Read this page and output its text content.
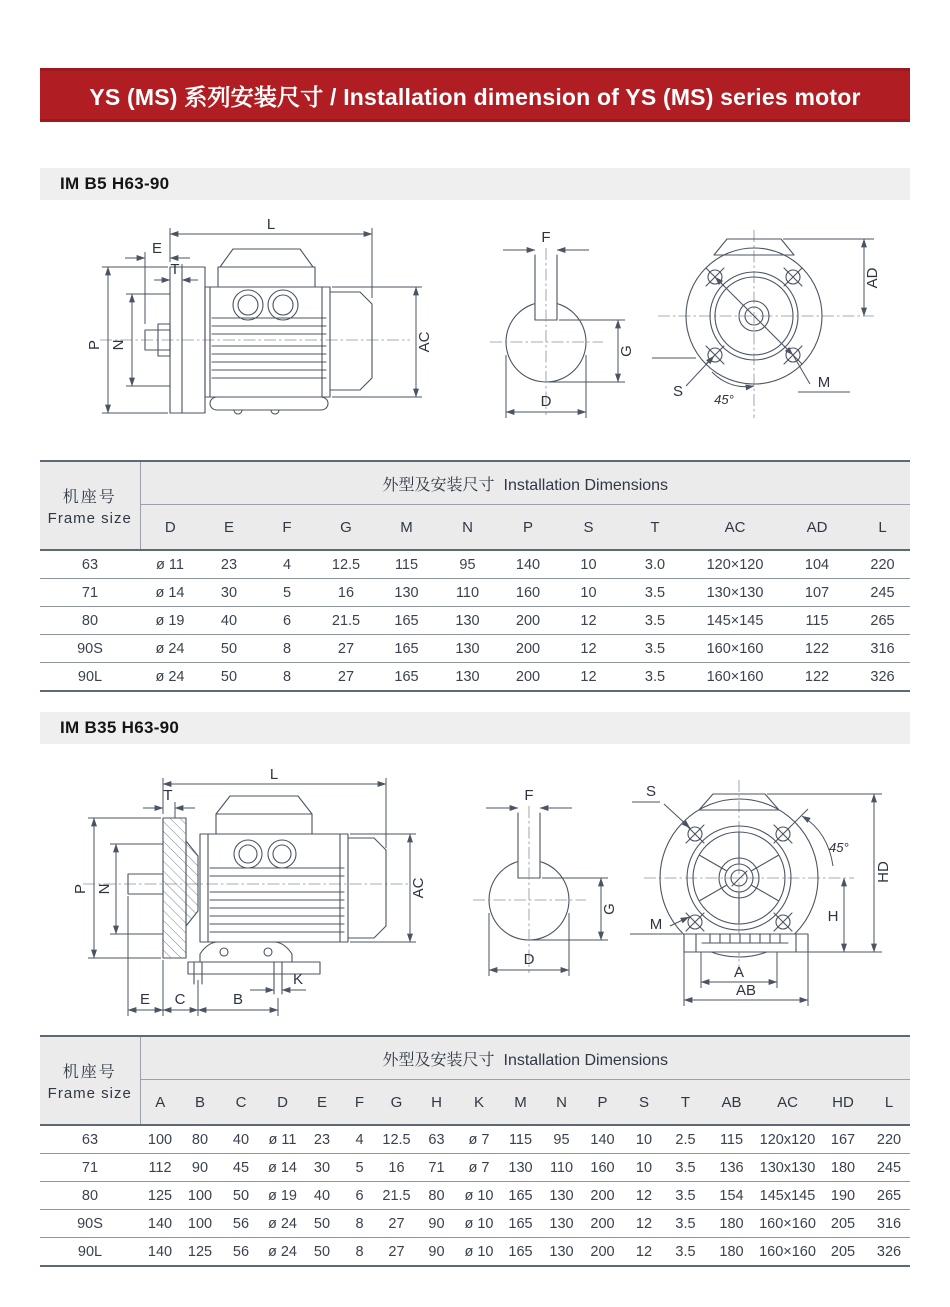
YS (MS) 系列安装尺寸 / Installation dimension of YS (MS) series motor
IM B5 H63-90
L
E
T
P N	AC
F
G
D
S
M
45°
AD
机座号
Frame size	外型及安装尺寸 Installation Dimensions											
	D	E	F	G	M	N	P	S	T	AC	AD	L
63	ø 11	23	4	12.5	115	95	140	10	3.0	120×120	104	220
71	ø 14	30	5	16	130	110	160	10	3.5	130×130	107	245
80	ø 19	40	6	21.5	165	130	200	12	3.5	145×145	115	265
90S	ø 24	50	8	27	165	130	200	12	3.5	160×160	122	316
90L	ø 24	50	8	27	165	130	200	12	3.5	160×160	122	326
IM B35 H63-90
L
T
P N	AC
K
E C	B
F
G
D
S
M
45°
HD
H
A
AB
机座号
Frame size	外型及安装尺寸 Installation Dimensions																	
	A	B	C	D	E	F	G	H	K	M	N	P	S	T	AB	AC	HD	L
63	100	80	40	ø 11	23	4	12.5	63	ø 7	115	95	140	10	2.5	115	120x120	167	220
71	112	90	45	ø 14	30	5	16	71	ø 7	130	110	160	10	3.5	136	130x130	180	245
80	125	100	50	ø 19	40	6	21.5	80	ø 10	165	130	200	12	3.5	154	145x145	190	265
90S	140	100	56	ø 24	50	8	27	90	ø 10	165	130	200	12	3.5	180	160×160	205	316
90L	140	125	56	ø 24	50	8	27	90	ø 10	165	130	200	12	3.5	180	160×160	205	326
